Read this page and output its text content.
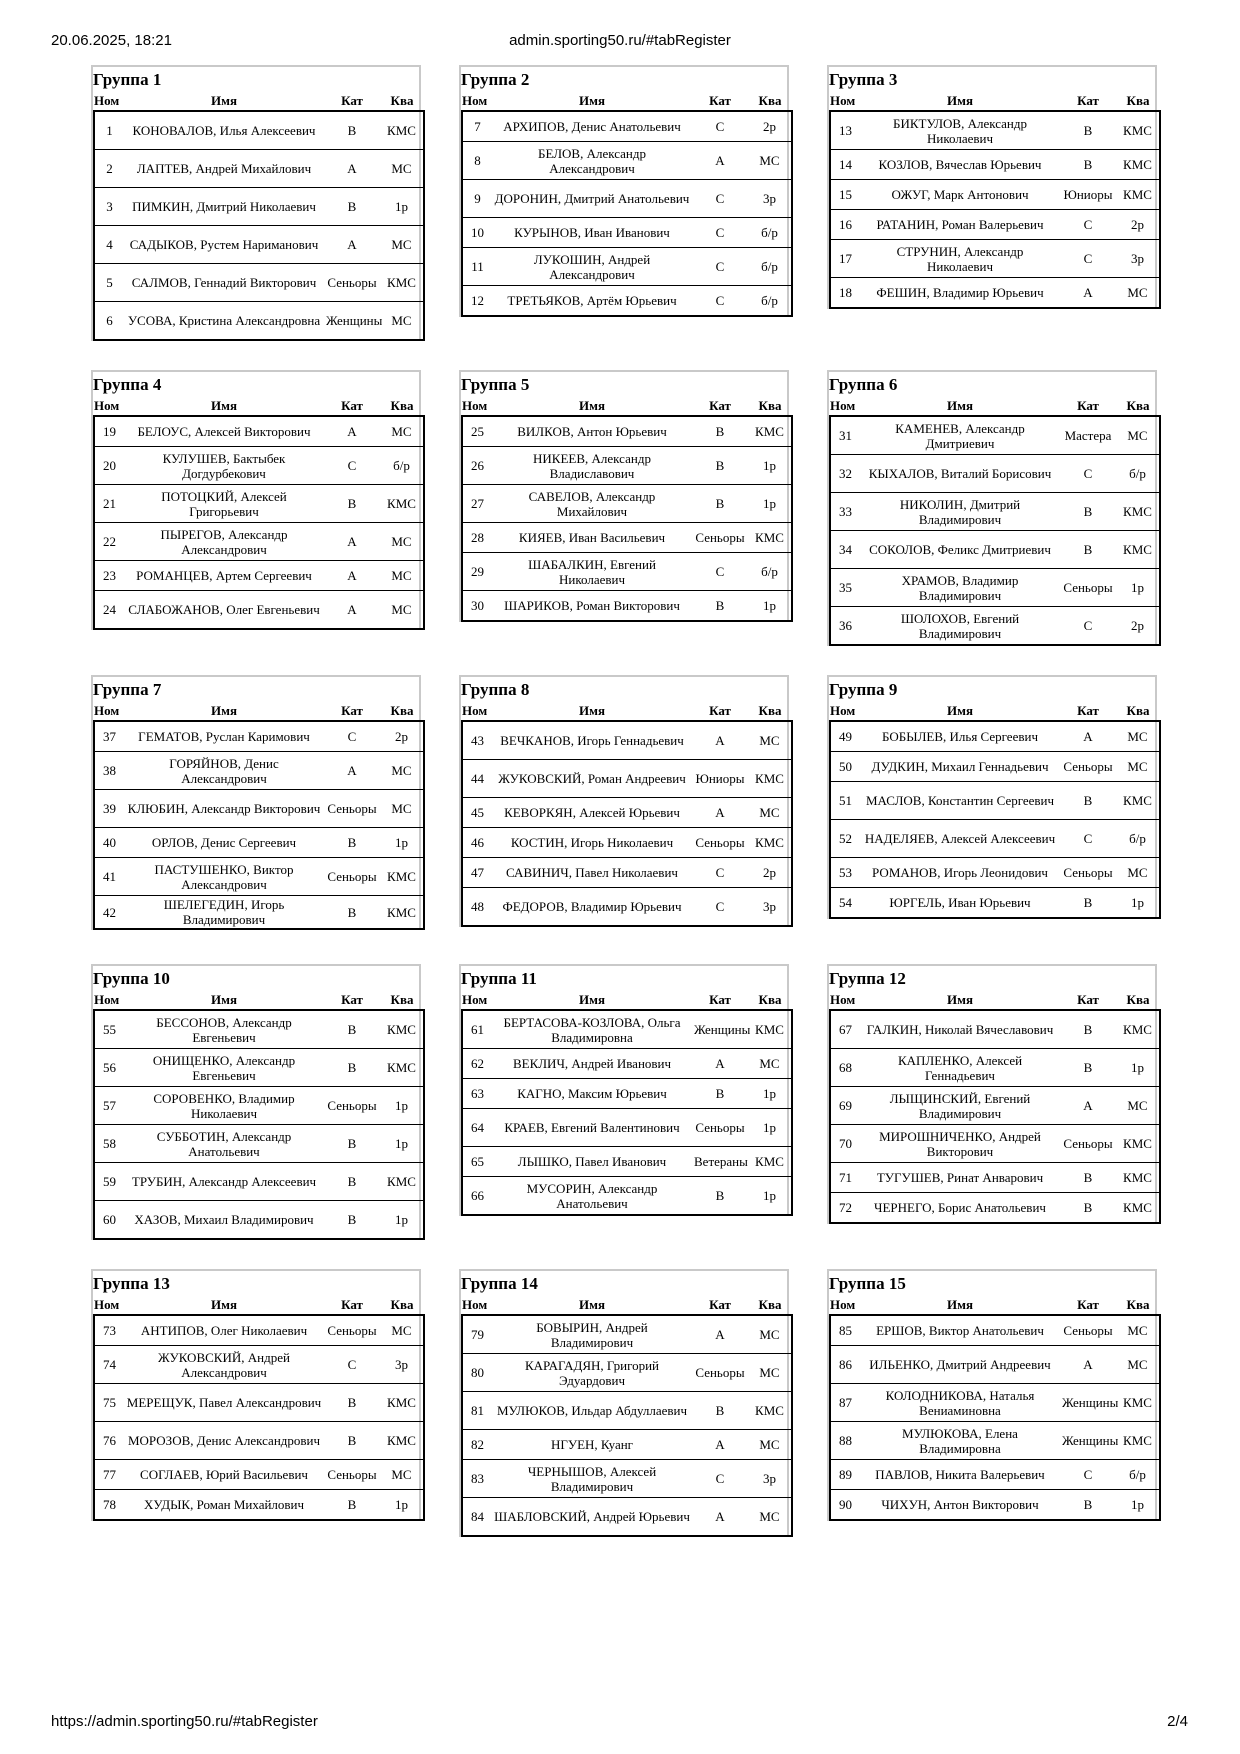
20.06.2025, 18:21	admin.sporting50.ru/#tabRegister
Группа 1
Ном	Имя	Кат	Ква
1	КОНОВАЛОВ, Илья Алексеевич	B	КМС
2	ЛАПТЕВ, Андрей Михайлович	A	МС
3	ПИМКИН, Дмитрий Николаевич	B	1р
4	САДЫКОВ, Рустем Нариманович	A	МС
5	САЛМОВ, Геннадий Викторович	Сеньоры	КМС
6	УСОВА, Кристина Александровна	Женщины	МС
Группа 2
Ном	Имя	Кат	Ква
7	АРХИПОВ, Денис Анатольевич	C	2р
8	БЕЛОВ, Александр Александрович	A	МС
9	ДОРОНИН, Дмитрий Анатольевич	C	3р
10	КУРЫНОВ, Иван Иванович	C	б/р
11	ЛУКОШИН, Андрей Александрович	C	б/р
12	ТРЕТЬЯКОВ, Артём Юрьевич	C	б/р
Группа 3
Ном	Имя	Кат	Ква
13	БИКТУЛОВ, Александр Николаевич	B	КМС
14	КОЗЛОВ, Вячеслав Юрьевич	B	КМС
15	ОЖУГ, Марк Антонович	Юниоры	КМС
16	РАТАНИН, Роман Валерьевич	C	2р
17	СТРУНИН, Александр Николаевич	C	3р
18	ФЕШИН, Владимир Юрьевич	A	МС
Группа 4
Ном	Имя	Кат	Ква
19	БЕЛОУС, Алексей Викторович	A	МС
20	КУЛУШЕВ, Бактыбек Догдурбекович	C	б/р
21	ПОТОЦКИЙ, Алексей Григорьевич	B	КМС
22	ПЫРЕГОВ, Александр Александрович	A	МС
23	РОМАНЦЕВ, Артем Сергеевич	A	МС
24	СЛАБОЖАНОВ, Олег Евгеньевич	A	МС
Группа 5
Ном	Имя	Кат	Ква
25	ВИЛКОВ, Антон Юрьевич	B	КМС
26	НИКЕЕВ, Александр Владиславович	B	1р
27	САВЕЛОВ, Александр Михайлович	B	1р
28	КИЯЕВ, Иван Васильевич	Сеньоры	КМС
29	ШАБАЛКИН, Евгений Николаевич	C	б/р
30	ШАРИКОВ, Роман Викторович	B	1р
Группа 6
Ном	Имя	Кат	Ква
31	КАМЕНЕВ, Александр Дмитриевич	Мастера	МС
32	КЫХАЛОВ, Виталий Борисович	C	б/р
33	НИКОЛИН, Дмитрий Владимирович	B	КМС
34	СОКОЛОВ, Феликс Дмитриевич	B	КМС
35	ХРАМОВ, Владимир Владимирович	Сеньоры	1р
36	ШОЛОХОВ, Евгений Владимирович	C	2р
Группа 7
Ном	Имя	Кат	Ква
37	ГЕМАТОВ, Руслан Каримович	C	2р
38	ГОРЯЙНОВ, Денис Александрович	A	МС
39	КЛЮБИН, Александр Викторович	Сеньоры	МС
40	ОРЛОВ, Денис Сергеевич	B	1р
41	ПАСТУШЕНКО, Виктор Александрович	Сеньоры	КМС
42	ШЕЛЕГЕДИН, Игорь Владимирович	B	КМС
Группа 8
Ном	Имя	Кат	Ква
43	ВЕЧКАНОВ, Игорь Геннадьевич	A	МС
44	ЖУКОВСКИЙ, Роман Андреевич	Юниоры	КМС
45	КЕВОРКЯН, Алексей Юрьевич	A	МС
46	КОСТИН, Игорь Николаевич	Сеньоры	КМС
47	САВИНИЧ, Павел Николаевич	C	2р
48	ФЕДОРОВ, Владимир Юрьевич	C	3р
Группа 9
Ном	Имя	Кат	Ква
49	БОБЫЛЕВ, Илья Сергеевич	A	МС
50	ДУДКИН, Михаил Геннадьевич	Сеньоры	МС
51	МАСЛОВ, Константин Сергеевич	B	КМС
52	НАДЕЛЯЕВ, Алексей Алексеевич	C	б/р
53	РОМАНОВ, Игорь Леонидович	Сеньоры	МС
54	ЮРГЕЛЬ, Иван Юрьевич	B	1р
Группа 10
Ном	Имя	Кат	Ква
55	БЕССОНОВ, Александр Евгеньевич	B	КМС
56	ОНИЩЕНКО, Александр Евгеньевич	B	КМС
57	СОРОВЕНКО, Владимир Николаевич	Сеньоры	1р
58	СУББОТИН, Александр Анатольевич	B	1р
59	ТРУБИН, Александр Алексеевич	B	КМС
60	ХАЗОВ, Михаил Владимирович	B	1р
Группа 11
Ном	Имя	Кат	Ква
61	БЕРТАСОВА-КОЗЛОВА, Ольга Владимировна	Женщины	КМС
62	ВЕКЛИЧ, Андрей Иванович	A	МС
63	КАГНО, Максим Юрьевич	B	1р
64	КРАЕВ, Евгений Валентинович	Сеньоры	1р
65	ЛЫШКО, Павел Иванович	Ветераны	КМС
66	МУСОРИН, Александр Анатольевич	B	1р
Группа 12
Ном	Имя	Кат	Ква
67	ГАЛКИН, Николай Вячеславович	B	КМС
68	КАПЛЕНКО, Алексей Геннадьевич	B	1р
69	ЛЫЩИНСКИЙ, Евгений Владимирович	A	МС
70	МИРОШНИЧЕНКО, Андрей Викторович	Сеньоры	КМС
71	ТУГУШЕВ, Ринат Анварович	B	КМС
72	ЧЕРНЕГО, Борис Анатольевич	B	КМС
Группа 13
Ном	Имя	Кат	Ква
73	АНТИПОВ, Олег Николаевич	Сеньоры	МС
74	ЖУКОВСКИЙ, Андрей Александрович	C	3р
75	МЕРЕЩУК, Павел Александрович	B	КМС
76	МОРОЗОВ, Денис Александрович	B	КМС
77	СОГЛАЕВ, Юрий Васильевич	Сеньоры	МС
78	ХУДЫК, Роман Михайлович	B	1р
Группа 14
Ном	Имя	Кат	Ква
79	БОВЫРИН, Андрей Владимирович	A	МС
80	КАРАГАДЯН, Григорий Эдуардович	Сеньоры	МС
81	МУЛЮКОВ, Ильдар Абдуллаевич	B	КМС
82	НГУЕН, Куанг	A	МС
83	ЧЕРНЫШОВ, Алексей Владимирович	C	3р
84	ШАБЛОВСКИЙ, Андрей Юрьевич	A	МС
Группа 15
Ном	Имя	Кат	Ква
85	ЕРШОВ, Виктор Анатольевич	Сеньоры	МС
86	ИЛЬЕНКО, Дмитрий Андреевич	A	МС
87	КОЛОДНИКОВА, Наталья Вениаминовна	Женщины	КМС
88	МУЛЮКОВА, Елена Владимировна	Женщины	КМС
89	ПАВЛОВ, Никита Валерьевич	C	б/р
90	ЧИХУН, Антон Викторович	B	1р
https://admin.sporting50.ru/#tabRegister	2/4
